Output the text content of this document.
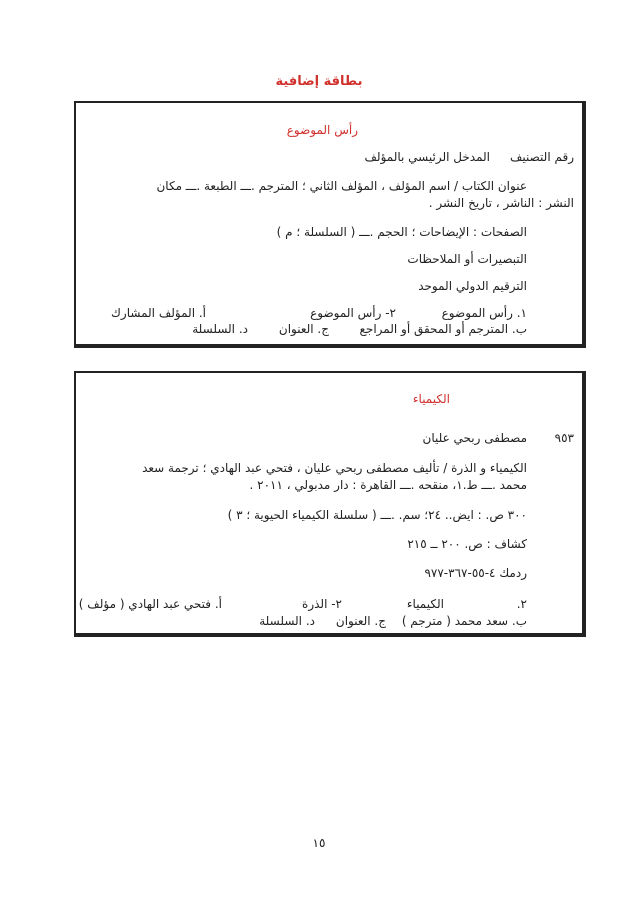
بطاقة إضافية
رأس الموضوع
رقم التصنيف
المدخل الرئيسي بالمؤلف
عنوان الكتاب / اسم المؤلف ، المؤلف الثاني ؛ المترجم .ـــ الطبعة .ـــ مكان
النشر : الناشر ، تاريخ النشر .
الصفحات : الإيضاحات ؛ الحجم .ـــ ( السلسلة ؛ م )
التبصيرات أو الملاحظات
الترقيم الدولي الموحد
١. رأس الموضوع
٢- رأس الموضوع
أ. المؤلف المشارك
ب. المترجم أو المحقق أو المراجع
ج. العنوان
د. السلسلة
الكيمياء
٩٥٣
مصطفى ربحي عليان
الكيمياء و الذرة / تأليف مصطفى ربحي عليان ، فتحي عبد الهادي ؛ ترجمة سعد
محمد .ـــ ط.١، منقحه .ـــ القاهرة : دار مدبولي ، ٢٠١١ .
٣٠٠ ص. : ايض.. ٢٤؛ سم. .ـــ ( سلسلة الكيمياء الحيوية ؛ ٣ )
كشاف : ص. ٢٠٠ ــ ٢١٥
ردمك ٤-٥٥-٣٦٧-٩٧٧
٢.
الكيمياء
٢- الذرة
أ. فتحي عبد الهادي ( مؤلف )
ب. سعد محمد ( مترجم )
ج. العنوان
د. السلسلة
١٥
